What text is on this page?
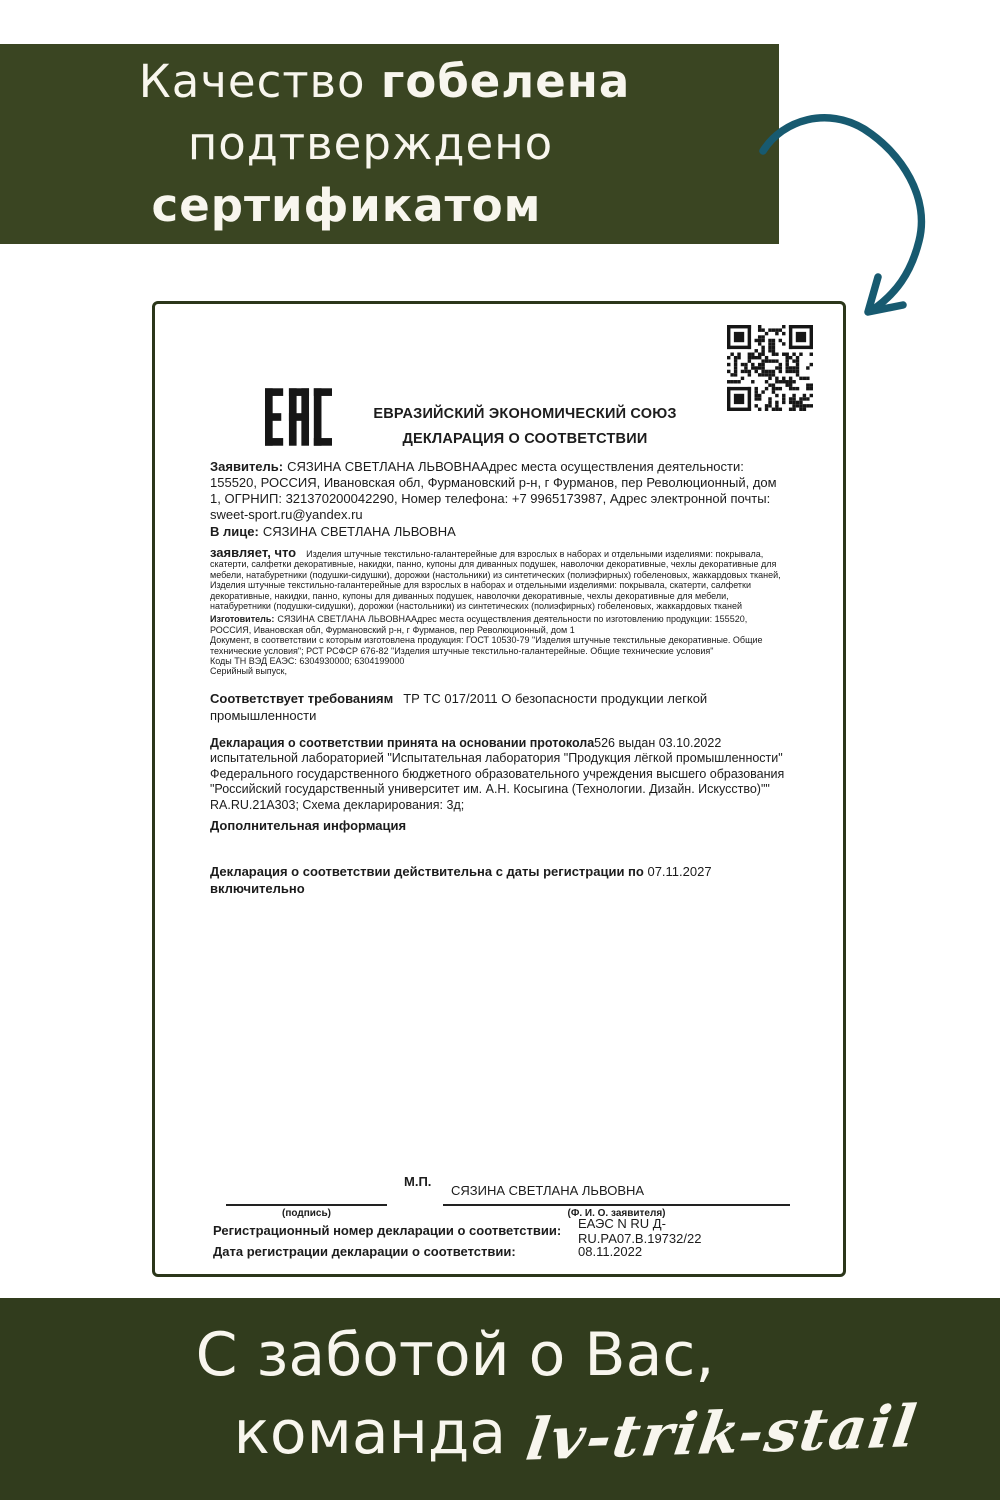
Качество гобелена
подтверждено
сертификатом
ЕВРАЗИЙСКИЙ ЭКОНОМИЧЕСКИЙ СОЮЗ
ДЕКЛАРАЦИЯ О СООТВЕТСТВИИ

Заявитель: СЯЗИНА СВЕТЛАНА ЛЬВОВНААдрес места осуществления деятельности: 155520, РОССИЯ, Ивановская обл, Фурмановский р-н, г Фурманов, пер Революционный, дом 1, ОГРНИП: 321370200042290, Номер телефона: +7 9965173987, Адрес электронной почты: sweet-sport.ru@yandex.ru

В лице: СЯЗИНА СВЕТЛАНА ЛЬВОВНА

заявляет, что Изделия штучные текстильно-галантерейные для взрослых в наборах и отдельными изделиями: покрывала, скатерти, салфетки декоративные, накидки, панно, купоны для диванных подушек, наволочки декоративные, чехлы декоративные для мебели, натабуретники (подушки-сидушки), дорожки (настольники) из синтетических (полиэфирных) гобеленовых, жаккардовых тканей, Изделия штучные текстильно-галантерейные для взрослых в наборах и отдельными изделиями: покрывала, скатерти, салфетки декоративные, накидки, панно, купоны для диванных подушек, наволочки декоративные, чехлы декоративные для мебели, натабуретники (подушки-сидушки), дорожки (настольники) из синтетических (полиэфирных) гобеленовых, жаккардовых тканей

Изготовитель: СЯЗИНА СВЕТЛАНА ЛЬВОВНААдрес места осуществления деятельности по изготовлению продукции: 155520, РОССИЯ, Ивановская обл, Фурмановский р-н, г Фурманов, пер Революционный, дом 1

Документ, в соответствии с которым изготовлена продукция: ГОСТ 10530-79 "Изделия штучные текстильные декоративные. Общие технические условия"; РСТ РСФСР 676-82 "Изделия штучные текстильно-галантерейные. Общие технические условия"

Коды ТН ВЭД ЕАЭС: 6304930000; 6304199000

Серийный выпуск,

Соответствует требованиям ТР ТС 017/2011 О безопасности продукции легкой промышленности

Декларация о соответствии принята на основании протокола526 выдан 03.10.2022 испытательной лабораторией "Испытательная лаборатория "Продукция лёгкой промышленности" Федерального государственного бюджетного образовательного учреждения высшего образования "Российский государственный университет им. А.Н. Косыгина (Технологии. Дизайн. Искусство)"" RA.RU.21A303; Схема декларирования: 3д;

Дополнительная информация

Декларация о соответствии действительна с даты регистрации по 07.11.2027 включительно

М.П.
СЯЗИНА СВЕТЛАНА ЛЬВОВНА
(подпись)	(Ф. И. О. заявителя)
Регистрационный номер декларации о соответствии:	ЕАЭС N RU Д-RU.РА07.В.19732/22
Дата регистрации декларации о соответствии:	08.11.2022
С заботой о Вас,
команда lv-trik-stail
